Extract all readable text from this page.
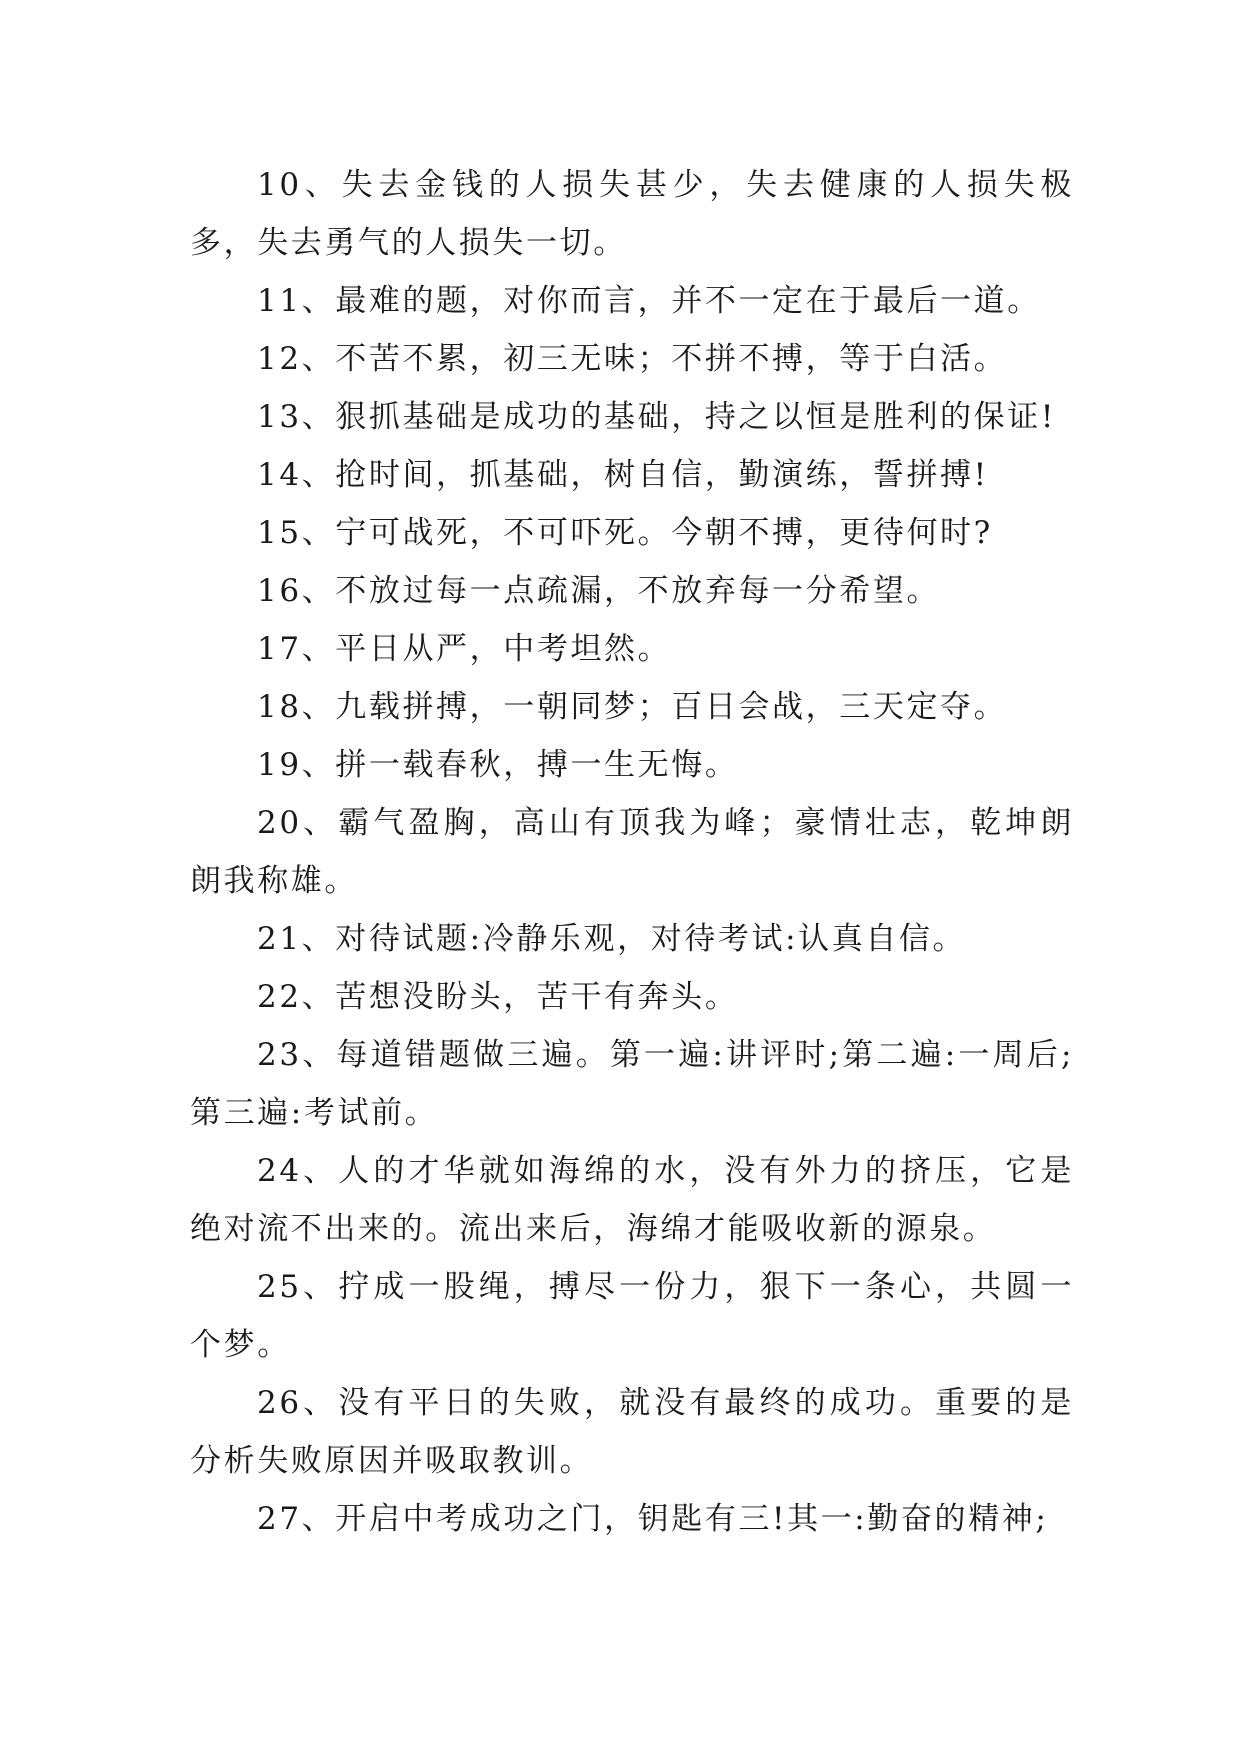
10、失去金钱的人损失甚少，失去健康的人损失极多，失去勇气的人损失一切。

11、最难的题，对你而言，并不一定在于最后一道。

12、不苦不累，初三无味；不拼不搏，等于白活。

13、狠抓基础是成功的基础，持之以恒是胜利的保证!

14、抢时间，抓基础，树自信，勤演练，誓拼搏!

15、宁可战死，不可吓死。今朝不搏，更待何时?

16、不放过每一点疏漏，不放弃每一分希望。

17、平日从严，中考坦然。

18、九载拼搏，一朝同梦；百日会战，三天定夺。

19、拼一载春秋，搏一生无悔。

20、霸气盈胸，高山有顶我为峰；豪情壮志，乾坤朗朗我称雄。

21、对待试题:冷静乐观，对待考试:认真自信。

22、苦想没盼头，苦干有奔头。

23、每道错题做三遍。第一遍:讲评时;第二遍:一周后;第三遍:考试前。

24、人的才华就如海绵的水，没有外力的挤压，它是绝对流不出来的。流出来后，海绵才能吸收新的源泉。

25、拧成一股绳，搏尽一份力，狠下一条心，共圆一个梦。

26、没有平日的失败，就没有最终的成功。重要的是分析失败原因并吸取教训。

27、开启中考成功之门，钥匙有三!其一:勤奋的精神;
